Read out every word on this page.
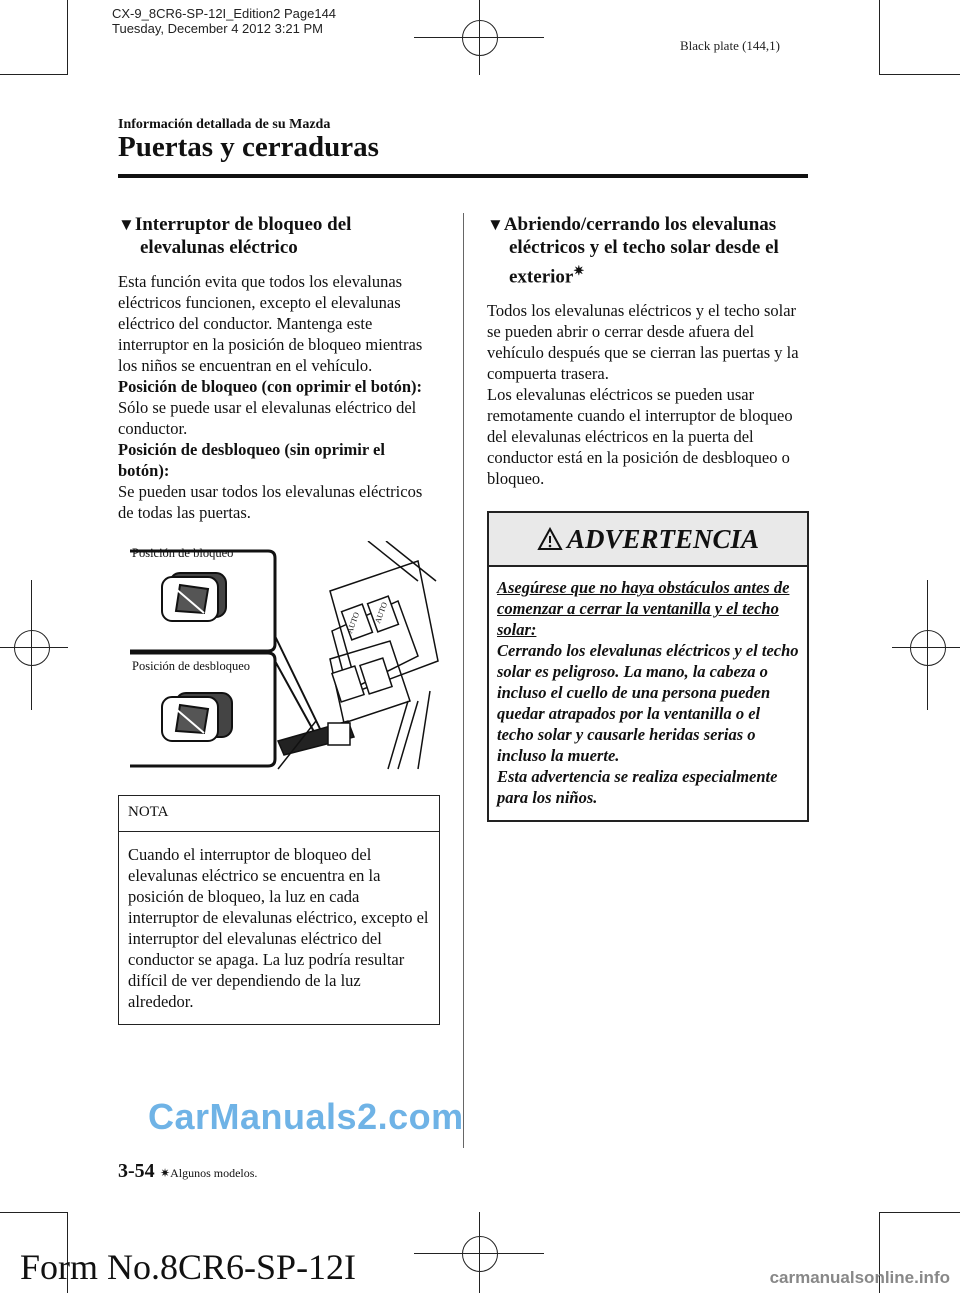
CX-9_8CR6-SP-12I_Edition2 Page144
Tuesday, December 4 2012 3:21 PM
Black plate (144,1)
Información detallada de su Mazda
Puertas y cerraduras
▼Interruptor de bloqueo del elevalunas eléctrico

Esta función evita que todos los elevalunas eléctricos funcionen, excepto el elevalunas eléctrico del conductor. Mantenga este interruptor en la posición de bloqueo mientras los niños se encuentran en el vehículo.

Posición de bloqueo (con oprimir el botón):

Sólo se puede usar el elevalunas eléctrico del conductor.

Posición de desbloqueo (sin oprimir el botón):

Se pueden usar todos los elevalunas eléctricos de todas las puertas.

Posición de bloqueo
Posición de desbloqueo
AUTO AUTO
NOTA
Cuando el interruptor de bloqueo del elevalunas eléctrico se encuentra en la posición de bloqueo, la luz en cada interruptor de elevalunas eléctrico, excepto el interruptor del elevalunas eléctrico del conductor se apaga. La luz podría resultar difícil de ver dependiendo de la luz alrededor.
▼Abriendo/cerrando los elevalunas eléctricos y el techo solar desde el exterior✷

Todos los elevalunas eléctricos y el techo solar se pueden abrir o cerrar desde afuera del vehículo después que se cierran las puertas y la compuerta trasera.

Los elevalunas eléctricos se pueden usar remotamente cuando el interruptor de bloqueo del elevalunas eléctricos en la puerta del conductor está en la posición de desbloqueo o bloqueo.

ADVERTENCIA
Asegúrese que no haya obstáculos antes de comenzar a cerrar la ventanilla y el techo solar:
Cerrando los elevalunas eléctricos y el techo solar es peligroso. La mano, la cabeza o incluso el cuello de una persona pueden quedar atrapados por la ventanilla o el techo solar y causarle heridas serias o incluso la muerte.
Esta advertencia se realiza especialmente para los niños.
CarManuals2.com
3-54 ✷Algunos modelos.
Form No.8CR6-SP-12I	carmanualsonline.info
